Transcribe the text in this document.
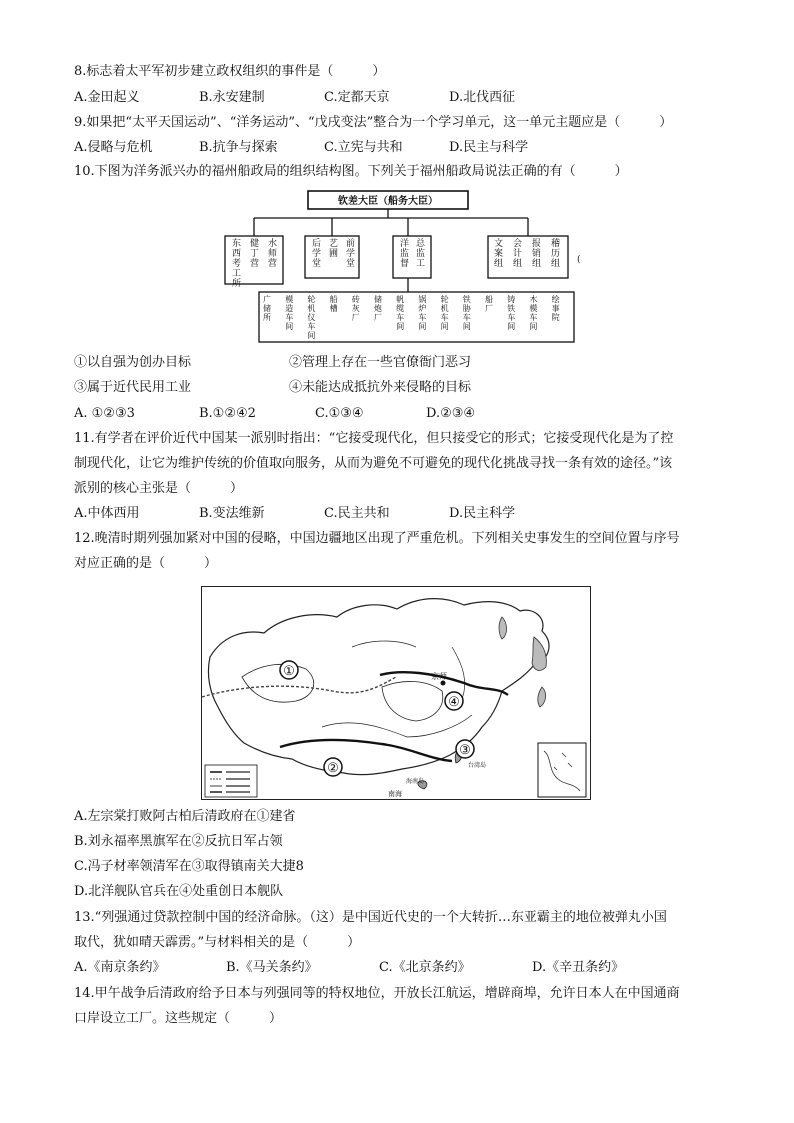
8.标志着太平军初步建立政权组织的事件是（　　　）
A.金田起义	B.永安建制	C.定都天京	D.北伐西征
9.如果把“太平天国运动”、“洋务运动”、“戊戌变法”整合为一个学习单元，这一单元主题应是（　　　）
A.侵略与危机	B.抗争与探索	C.立宪与共和	D.民主与科学
10.下图为洋务派兴办的福州船政局的组织结构图。下列关于福州船政局说法正确的有（　　　）
钦差大臣（船务大臣）
东西考工所
健丁营
水师营
后学堂
艺圃
前学堂
洋监督
总监工
文案组
会计组
报销组
稽历组
广储所
模造车间
轮机仪车间
船槽
砖灰厂
储炮厂
帆缆车间
锅炉车间
轮机车间
铁胁车间
船厂
铸铁车间
木模车间
绘事院
(
①以自强为创办目标	②管理上存在一些官僚衙门恶习
③属于近代民用工业	④未能达成抵抗外来侵略的目标
A. ①②③3	B.①②④2	C.①③④	D.②③④
11.有学者在评价近代中国某一派别时指出：“它接受现代化，但只接受它的形式；它接受现代化是为了控
制现代化，让它为维护传统的价值取向服务，从而为避免不可避免的现代化挑战寻找一条有效的途径。”该
派别的核心主张是（　　　）
A.中体西用	B.变法维新	C.民主共和	D.民主科学
12.晚清时期列强加紧对中国的侵略，中国边疆地区出现了严重危机。下列相关史事发生的空间位置与序号
对应正确的是（　　　）
①
②
③
④
京师
台湾岛
海南岛
南海
A.左宗棠打败阿古柏后清政府在①建省
B.刘永福率黑旗军在②反抗日军占领
C.冯子材率领清军在③取得镇南关大捷8
D.北洋舰队官兵在④处重创日本舰队
13.“列强通过贷款控制中国的经济命脉。（这）是中国近代史的一个大转折…东亚霸主的地位被弹丸小国
取代，犹如晴天霹雳。”与材料相关的是（　　　）
A.《南京条约》	B.《马关条约》	C.《北京条约》	D.《辛丑条约》
14.甲午战争后清政府给予日本与列强同等的特权地位，开放长江航运，增辟商埠，允许日本人在中国通商
口岸设立工厂。这些规定（　　　）
